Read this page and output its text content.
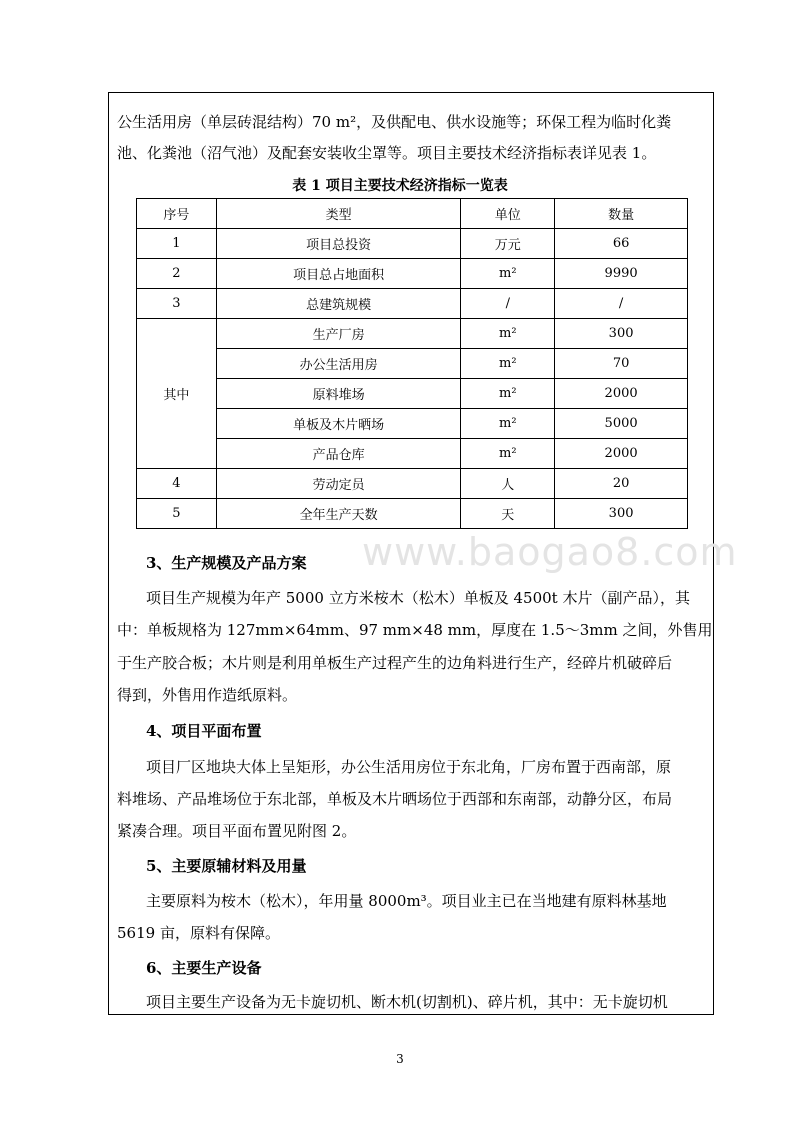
www.baogao8.com
公生活用房（单层砖混结构）70 m²，及供配电、供水设施等；环保工程为临时化粪
池、化粪池（沼气池）及配套安装收尘罩等。项目主要技术经济指标表详见表 1。
表 1 项目主要技术经济指标一览表
序号	类型	单位	数量
1	项目总投资	万元	66
2	项目总占地面积	m²	9990
3	总建筑规模	/	/
其中	生产厂房	m²	300
	办公生活用房	m²	70
	原料堆场	m²	2000
	单板及木片晒场	m²	5000
	产品仓库	m²	2000
4	劳动定员	人	20
5	全年生产天数	天	300
3、生产规模及产品方案
项目生产规模为年产 5000 立方米桉木（松木）单板及 4500t 木片（副产品），其
中：单板规格为 127mm×64mm、97 mm×48 mm，厚度在 1.5～3mm 之间，外售用
于生产胶合板；木片则是利用单板生产过程产生的边角料进行生产，经碎片机破碎后
得到，外售用作造纸原料。
4、项目平面布置
项目厂区地块大体上呈矩形，办公生活用房位于东北角，厂房布置于西南部，原
料堆场、产品堆场位于东北部，单板及木片晒场位于西部和东南部，动静分区，布局
紧凑合理。项目平面布置见附图 2。
5、主要原辅材料及用量
主要原料为桉木（松木），年用量 8000m³。项目业主已在当地建有原料林基地
5619 亩，原料有保障。
6、主要生产设备
项目主要生产设备为无卡旋切机、断木机(切割机)、碎片机，其中：无卡旋切机
3
